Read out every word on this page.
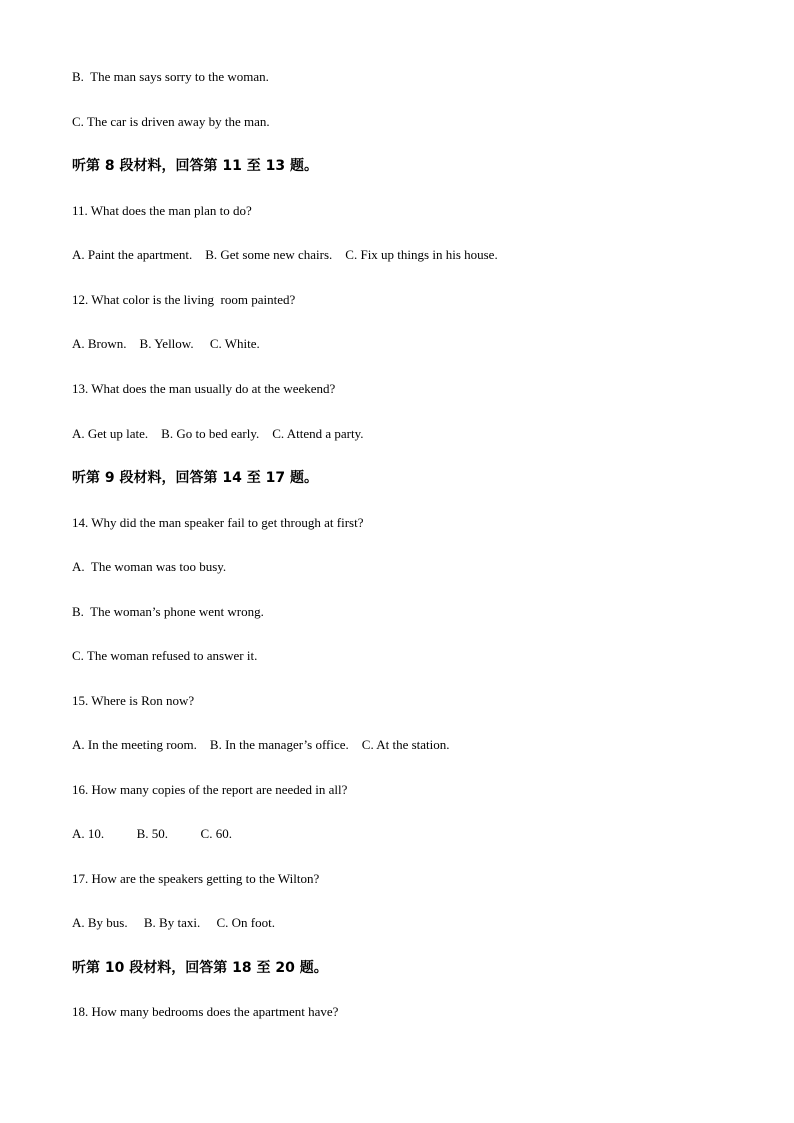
B.  The man says sorry to the woman.
C. The car is driven away by the man.
听第 8 段材料，回答第 11 至 13 题。
11. What does the man plan to do?
A. Paint the apartment.    B. Get some new chairs.    C. Fix up things in his house.
12. What color is the living  room painted?
A. Brown.    B. Yellow.     C. White.
13. What does the man usually do at the weekend?
A. Get up late.    B. Go to bed early.    C. Attend a party.
听第 9 段材料，回答第 14 至 17 题。
14. Why did the man speaker fail to get through at first?
A.  The woman was too busy.
B.  The woman’s phone went wrong.
C. The woman refused to answer it.
15. Where is Ron now?
A. In the meeting room.    B. In the manager’s office.    C. At the station.
16. How many copies of the report are needed in all?
A. 10.          B. 50.          C. 60.
17. How are the speakers getting to the Wilton?
A. By bus.     B. By taxi.     C. On foot.
听第 10 段材料，回答第 18 至 20 题。
18. How many bedrooms does the apartment have?
